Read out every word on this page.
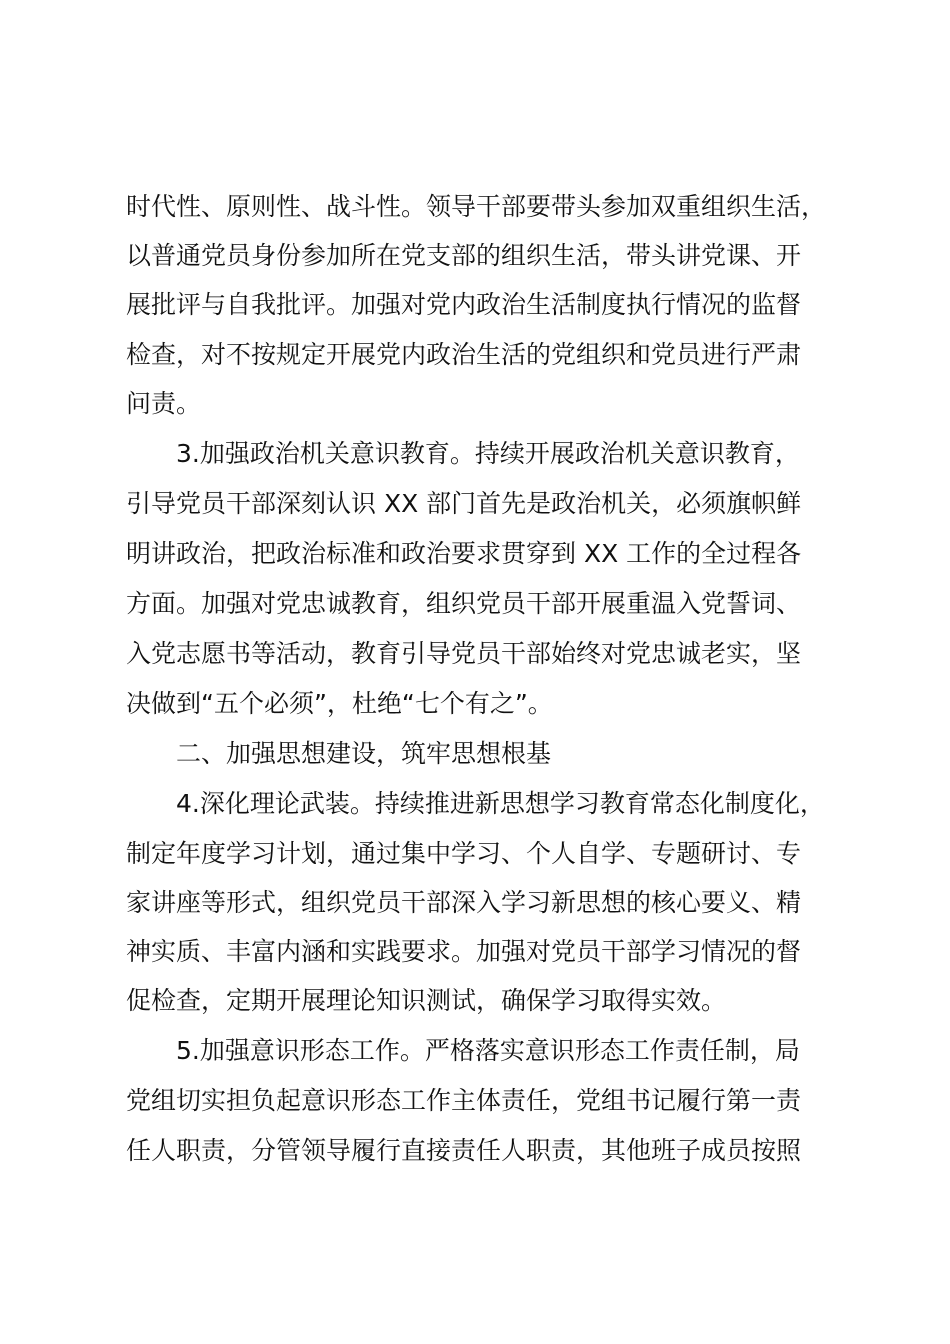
时代性、原则性、战斗性。领导干部要带头参加双重组织生活，
以普通党员身份参加所在党支部的组织生活，带头讲党课、开
展批评与自我批评。加强对党内政治生活制度执行情况的监督
检查，对不按规定开展党内政治生活的党组织和党员进行严肃
问责。
3.加强政治机关意识教育。持续开展政治机关意识教育，
引导党员干部深刻认识 XX 部门首先是政治机关，必须旗帜鲜
明讲政治，把政治标准和政治要求贯穿到 XX 工作的全过程各
方面。加强对党忠诚教育，组织党员干部开展重温入党誓词、
入党志愿书等活动，教育引导党员干部始终对党忠诚老实，坚
决做到“五个必须”，杜绝“七个有之”。
二、加强思想建设，筑牢思想根基
4.深化理论武装。持续推进新思想学习教育常态化制度化，
制定年度学习计划，通过集中学习、个人自学、专题研讨、专
家讲座等形式，组织党员干部深入学习新思想的核心要义、精
神实质、丰富内涵和实践要求。加强对党员干部学习情况的督
促检查，定期开展理论知识测试，确保学习取得实效。
5.加强意识形态工作。严格落实意识形态工作责任制，局
党组切实担负起意识形态工作主体责任，党组书记履行第一责
任人职责，分管领导履行直接责任人职责，其他班子成员按照
